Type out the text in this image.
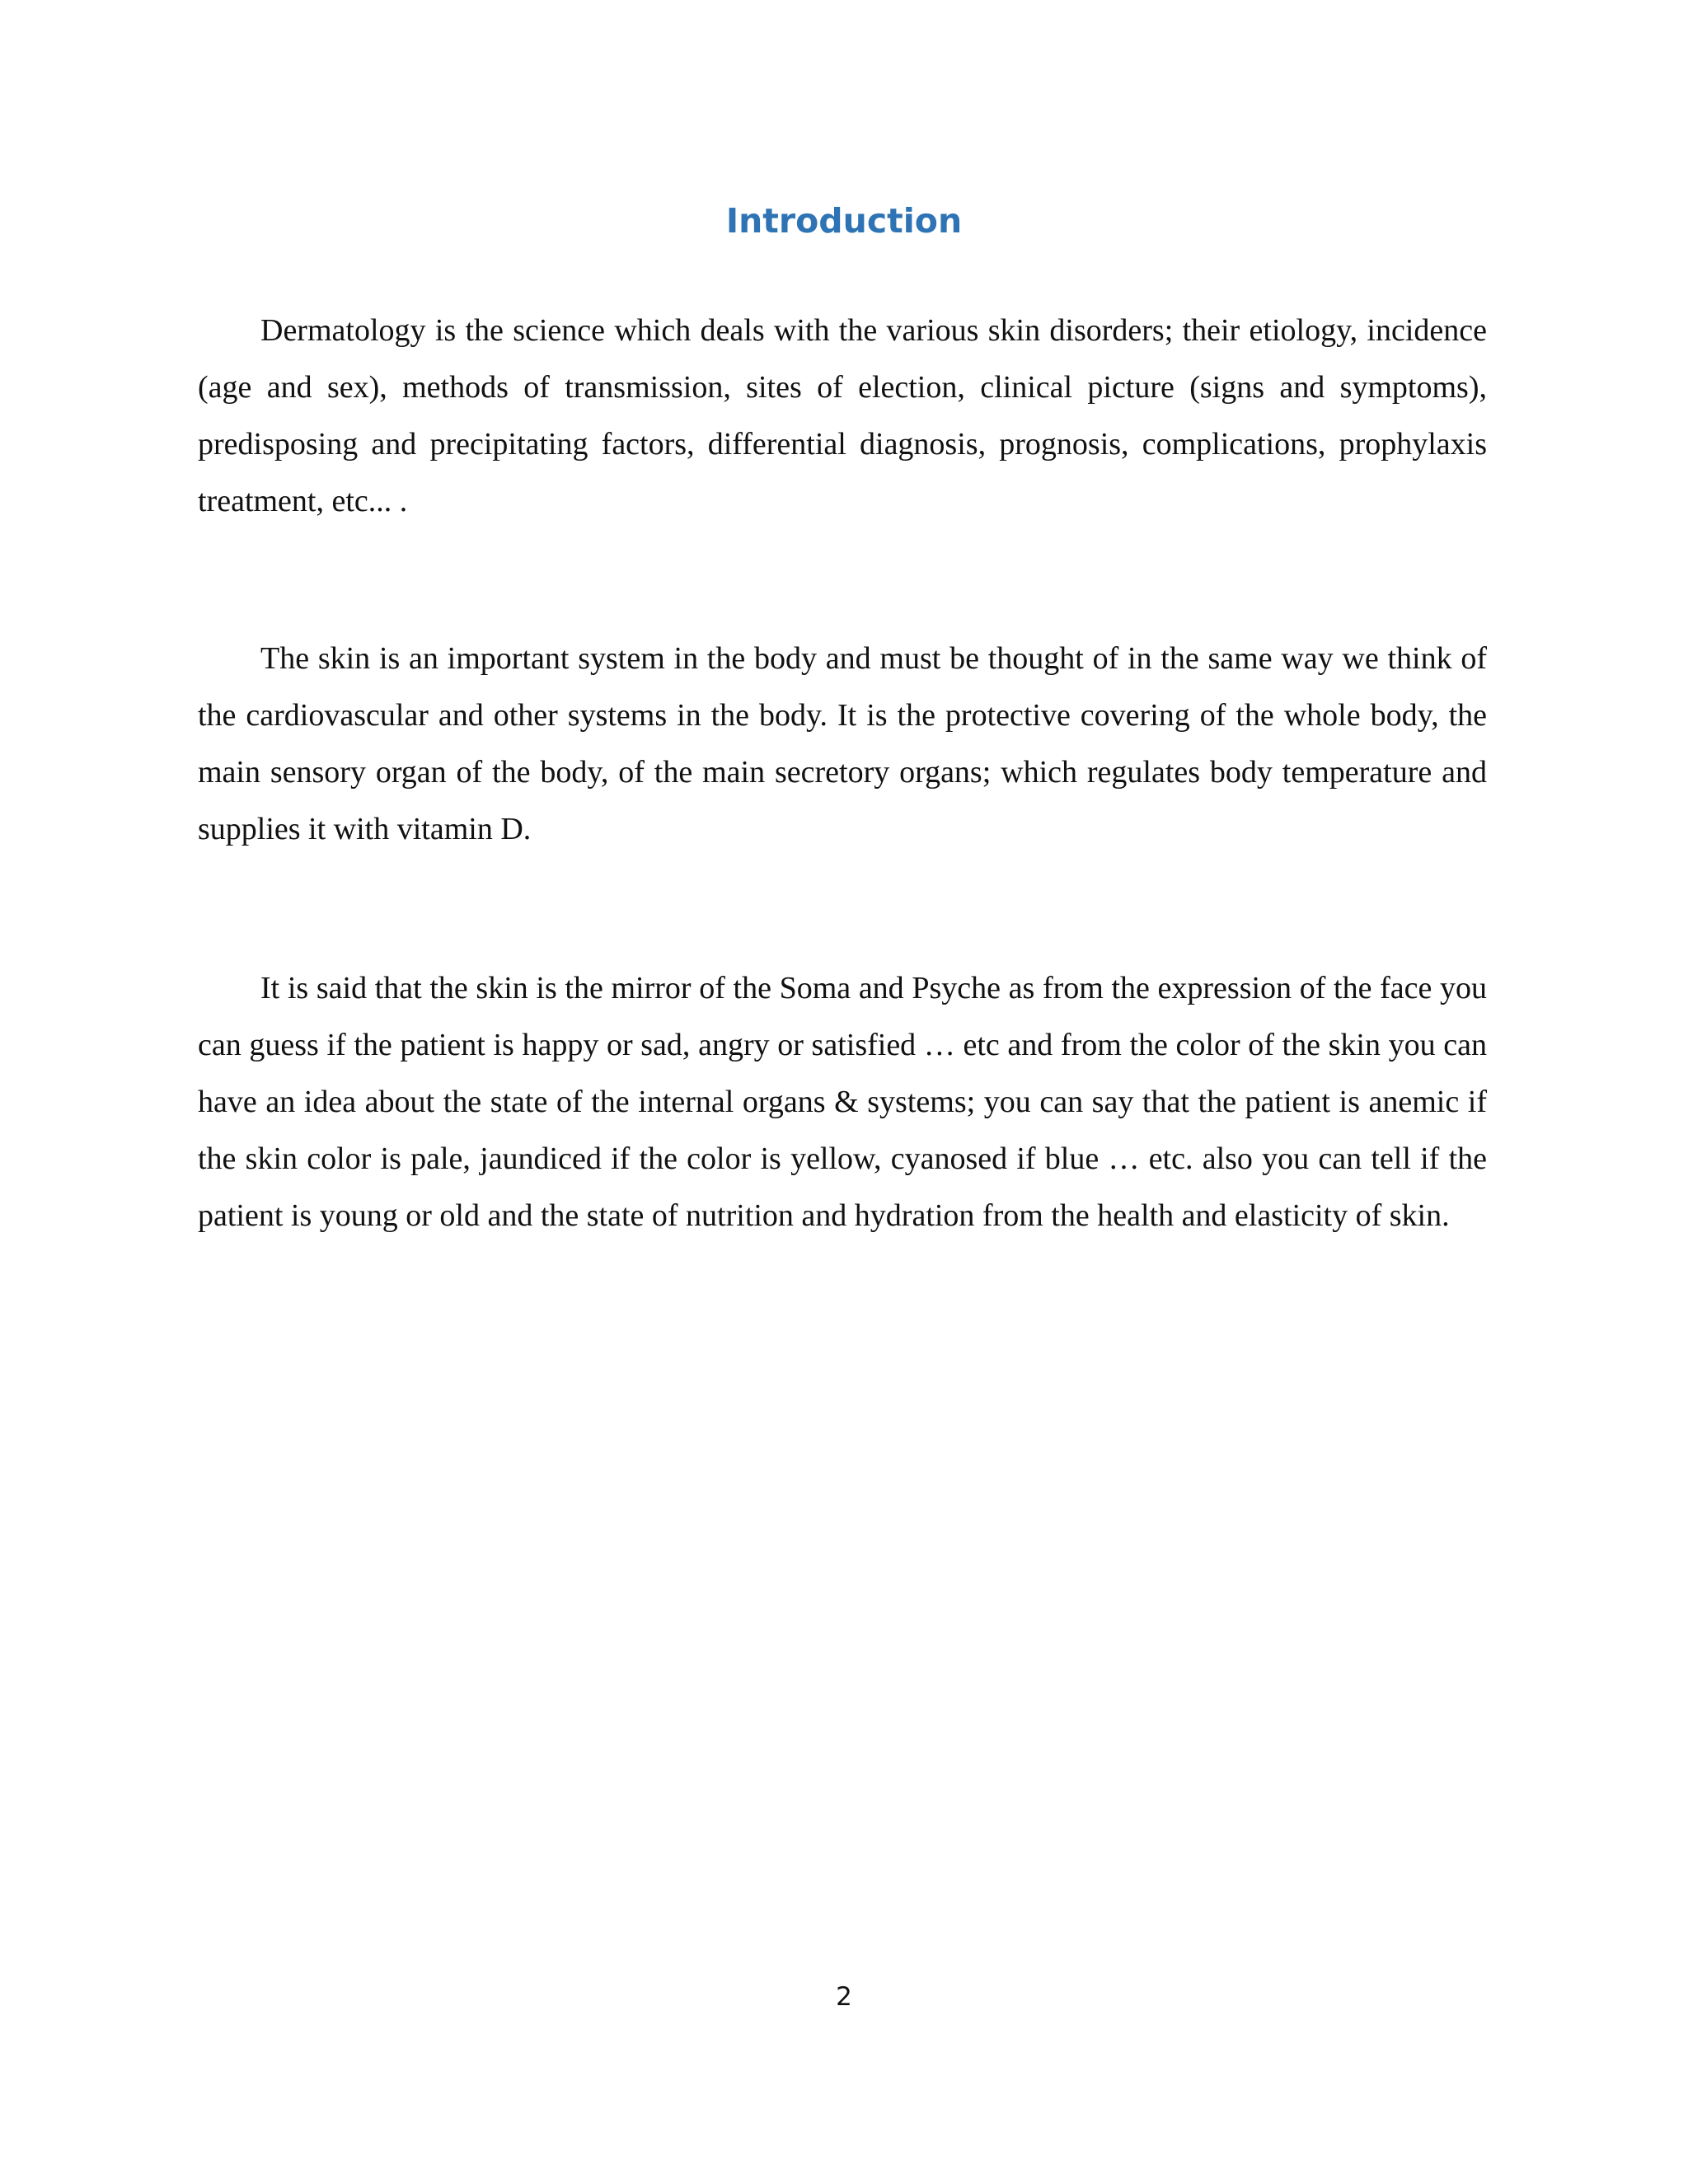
Introduction

Dermatology is the science which deals with the various skin disorders; their etiology, incidence (age and sex), methods of transmission, sites of election, clinical picture (signs and symptoms), predisposing and precipitating factors, differential diagnosis, prognosis, complications, prophylaxis treatment, etc... .

The skin is an important system in the body and must be thought of in the same way we think of the cardiovascular and other systems in the body. It is the protective covering of the whole body, the main sensory organ of the body, of the main secretory organs; which regulates body temperature and supplies it with vitamin D.

It is said that the skin is the mirror of the Soma and Psyche as from the expression of the face you can guess if the patient is happy or sad, angry or satisfied … etc and from the color of the skin you can have an idea about the state of the internal organs & systems; you can say that the patient is anemic if the skin color is pale, jaundiced if the color is yellow, cyanosed if blue … etc. also you can tell if the patient is young or old and the state of nutrition and hydration from the health and elasticity of skin.

2
